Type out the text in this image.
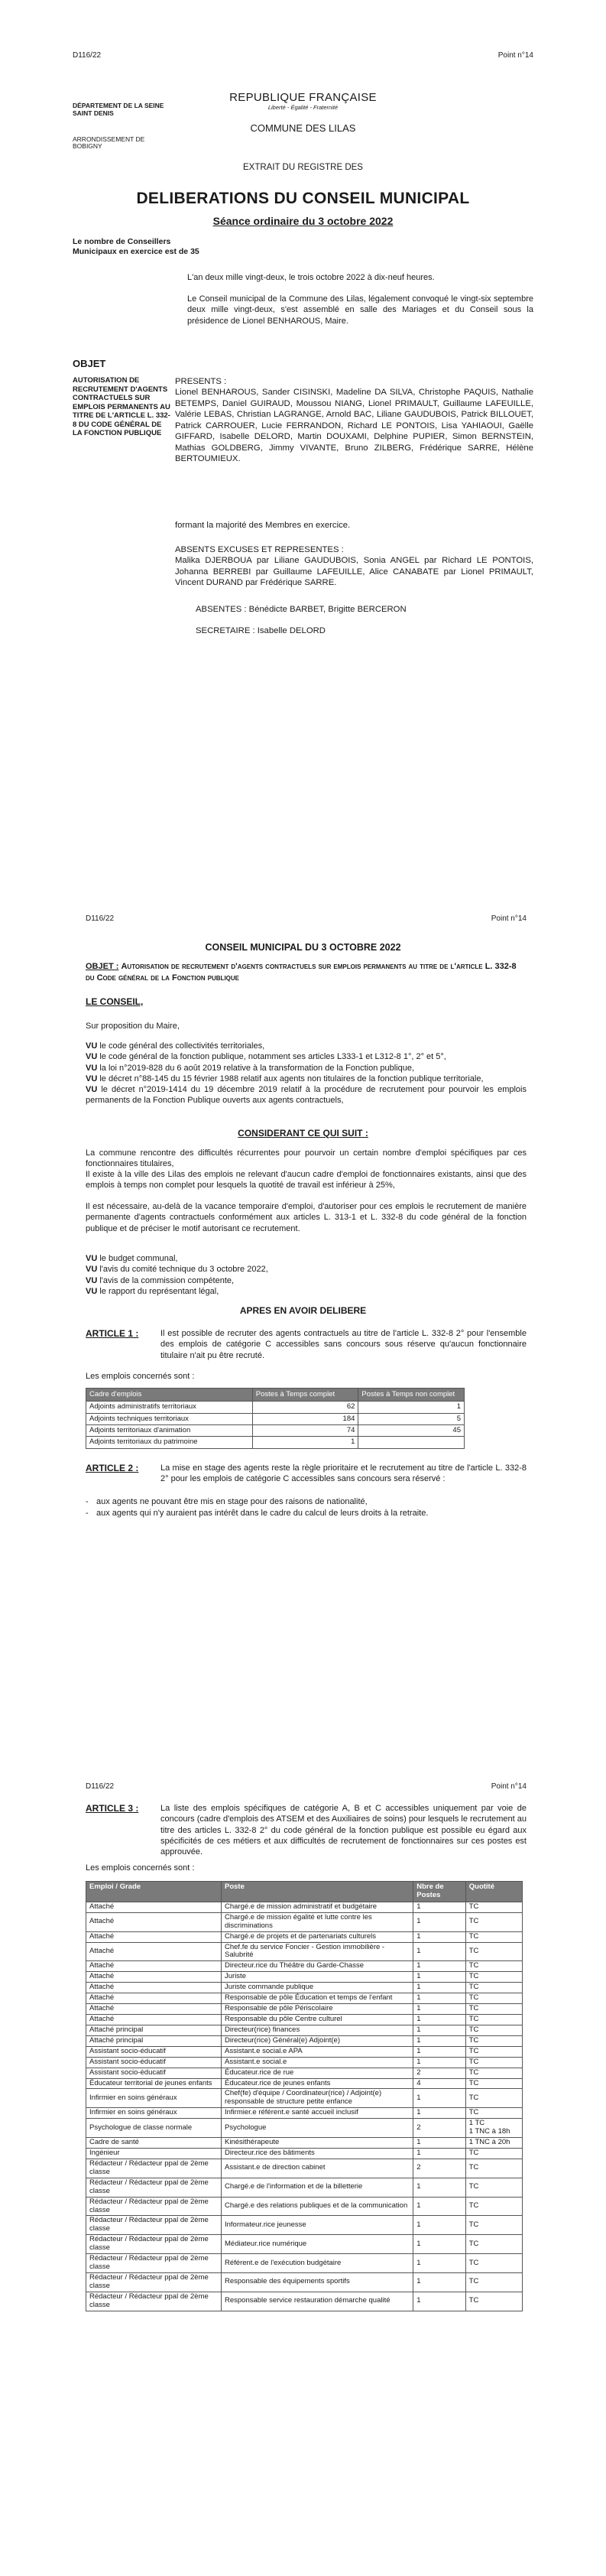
D116/22	Point n°14
DÉPARTEMENT DE LA SEINE SAINT DENIS
ARRONDISSEMENT DE BOBIGNY
REPUBLIQUE FRANÇAISE
Liberté - Égalité - Fraternité
COMMUNE DES LILAS
EXTRAIT DU REGISTRE DES
DELIBERATIONS DU CONSEIL MUNICIPAL
Séance ordinaire du 3 octobre 2022
Le nombre de Conseillers Municipaux en exercice est de 35
L'an deux mille vingt-deux, le trois octobre 2022 à dix-neuf heures.
Le Conseil municipal de la Commune des Lilas, légalement convoqué le vingt-six septembre deux mille vingt-deux, s'est assemblé en salle des Mariages et du Conseil sous la présidence de Lionel BENHAROUS, Maire.
OBJET
AUTORISATION DE RECRUTEMENT D'AGENTS CONTRACTUELS SUR EMPLOIS PERMANENTS AU TITRE DE L'ARTICLE L. 332-8 DU CODE GÉNÉRAL DE LA FONCTION PUBLIQUE
PRESENTS :
Lionel BENHAROUS, Sander CISINSKI, Madeline DA SILVA, Christophe PAQUIS, Nathalie BETEMPS, Daniel GUIRAUD, Moussou NIANG, Lionel PRIMAULT, Guillaume LAFEUILLE, Valérie LEBAS, Christian LAGRANGE, Arnold BAC, Liliane GAUDUBOIS, Patrick BILLOUET, Patrick CARROUER, Lucie FERRANDON, Richard LE PONTOIS, Lisa YAHIAOUI, Gaëlle GIFFARD, Isabelle DELORD, Martin DOUXAMI, Delphine PUPIER, Simon BERNSTEIN, Mathias GOLDBERG, Jimmy VIVANTE, Bruno ZILBERG, Frédérique SARRE, Hélène BERTOUMIEUX.
formant la majorité des Membres en exercice.
ABSENTS EXCUSES ET REPRESENTES :
Malika DJERBOUA par Liliane GAUDUBOIS, Sonia ANGEL par Richard LE PONTOIS, Johanna BERREBI par Guillaume LAFEUILLE, Alice CANABATE par Lionel PRIMAULT, Vincent DURAND par Frédérique SARRE.
ABSENTES : Bénédicte BARBET, Brigitte BERCERON
SECRETAIRE : Isabelle DELORD
D116/22	Point n°14
CONSEIL MUNICIPAL DU 3 OCTOBRE 2022
OBJET : Autorisation de recrutement d'agents contractuels sur emplois permanents au titre de l'article L. 332-8 du Code général de la Fonction publique
LE CONSEIL,
Sur proposition du Maire,
VU le code général des collectivités territoriales,
VU le code général de la fonction publique, notamment ses articles L333-1 et L312-8 1°, 2° et 5°,
VU la loi n°2019-828 du 6 août 2019 relative à la transformation de la Fonction publique,
VU le décret n°88-145 du 15 février 1988 relatif aux agents non titulaires de la fonction publique territoriale,
VU le décret n°2019-1414 du 19 décembre 2019 relatif à la procédure de recrutement pour pourvoir les emplois permanents de la Fonction Publique ouverts aux agents contractuels,
CONSIDERANT CE QUI SUIT :
La commune rencontre des difficultés récurrentes pour pourvoir un certain nombre d'emploi spécifiques par ces fonctionnaires titulaires,
Il existe à la ville des Lilas des emplois ne relevant d'aucun cadre d'emploi de fonctionnaires existants, ainsi que des emplois à temps non complet pour lesquels la quotité de travail est inférieur à 25%,
Il est nécessaire, au-delà de la vacance temporaire d'emploi, d'autoriser pour ces emplois le recrutement de manière permanente d'agents contractuels conformément aux articles L. 313-1 et L. 332-8 du code général de la fonction publique et de préciser le motif autorisant ce recrutement.
VU le budget communal,
VU l'avis du comité technique du 3 octobre 2022,
VU l'avis de la commission compétente,
VU le rapport du représentant légal,
APRES EN AVOIR DELIBERE
ARTICLE 1 :	Il est possible de recruter des agents contractuels au titre de l'article L. 332-8 2° pour l'ensemble des emplois de catégorie C accessibles sans concours sous réserve qu'aucun fonctionnaire titulaire n'ait pu être recruté.
Les emplois concernés sont :
Cadre d'emplois	Postes à Temps complet	Postes à Temps non complet
Adjoints administratifs territoriaux	62	1
Adjoints techniques territoriaux	184	5
Adjoints territoriaux d'animation	74	45
Adjoints territoriaux du patrimoine	1	
ARTICLE 2 :	La mise en stage des agents reste la règle prioritaire et le recrutement au titre de l'article L. 332-8 2° pour les emplois de catégorie C accessibles sans concours sera réservé :
- aux agents ne pouvant être mis en stage pour des raisons de nationalité,
- aux agents qui n'y auraient pas intérêt dans le cadre du calcul de leurs droits à la retraite.
D116/22	Point n°14
ARTICLE 3 :	La liste des emplois spécifiques de catégorie A, B et C accessibles uniquement par voie de concours (cadre d'emplois des ATSEM et des Auxiliaires de soins) pour lesquels le recrutement au titre des articles L. 332-8 2° du code général de la fonction publique est possible eu égard aux spécificités de ces métiers et aux difficultés de recrutement de fonctionnaires sur ces postes est approuvée.
Les emplois concernés sont :
Emploi / Grade	Poste	Nbre de Postes	Quotité
Attaché	Chargé.e de mission administratif et budgétaire	1	TC
Attaché	Chargé.e de mission égalité et lutte contre les discriminations	1	TC
Attaché	Chargé.e de projets et de partenariats culturels	1	TC
Attaché	Chef.fe du service Foncier - Gestion immobilière - Salubrité	1	TC
Attaché	Directeur.rice du Théâtre du Garde-Chasse	1	TC
Attaché	Juriste	1	TC
Attaché	Juriste commande publique	1	TC
Attaché	Responsable de pôle Éducation et temps de l'enfant	1	TC
Attaché	Responsable de pôle Périscolaire	1	TC
Attaché	Responsable du pôle Centre culturel	1	TC
Attaché principal	Directeur(rice) finances	1	TC
Attaché principal	Directeur(rice) Général(e) Adjoint(e)	1	TC
Assistant socio-éducatif	Assistant.e social.e APA	1	TC
Assistant socio-éducatif	Assistant.e social.e	1	TC
Assistant socio-éducatif	Éducateur.rice de rue	2	TC
Éducateur territorial de jeunes enfants	Éducateur.rice de jeunes enfants	4	TC
Infirmier en soins généraux	Chef(fe) d'équipe / Coordinateur(rice) / Adjoint(e) responsable de structure petite enfance	1	TC
Infirmier en soins généraux	Infirmier.e référent.e santé accueil inclusif	1	TC
Psychologue de classe normale	Psychologue	2	1 TC
1 TNC à 18h
Cadre de santé	Kinésithérapeute	1	1 TNC à 20h
Ingénieur	Directeur.rice des bâtiments	1	TC
Rédacteur / Rédacteur ppal de 2ème classe	Assistant.e de direction cabinet	2	TC
Rédacteur / Rédacteur ppal de 2ème classe	Chargé.e de l'information et de la billetterie	1	TC
Rédacteur / Rédacteur ppal de 2ème classe	Chargé.e des relations publiques et de la communication	1	TC
Rédacteur / Rédacteur ppal de 2ème classe	Informateur.rice jeunesse	1	TC
Rédacteur / Rédacteur ppal de 2ème classe	Médiateur.rice numérique	1	TC
Rédacteur / Rédacteur ppal de 2ème classe	Référent.e de l'exécution budgétaire	1	TC
Rédacteur / Rédacteur ppal de 2ème classe	Responsable des équipements sportifs	1	TC
Rédacteur / Rédacteur ppal de 2ème classe	Responsable service restauration démarche qualité	1	TC
